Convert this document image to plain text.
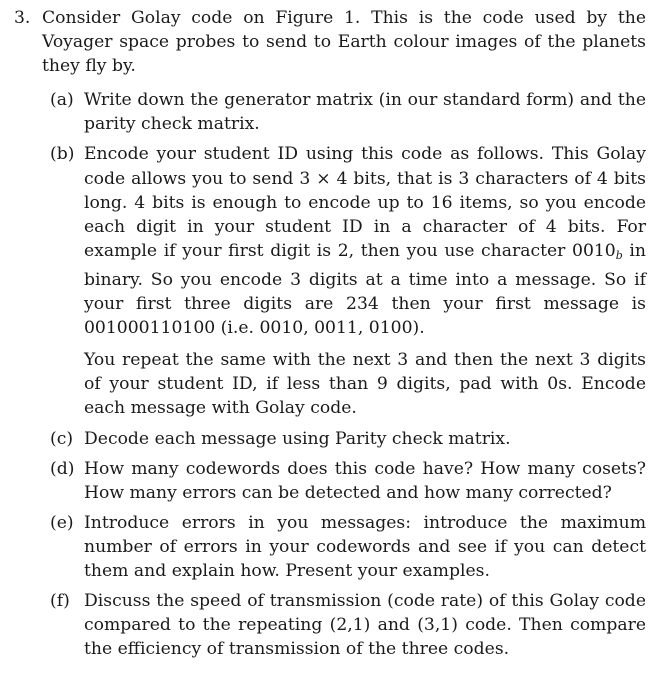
3. Consider Golay code on Figure 1. This is the code used by the Voyager space probes to send to Earth colour images of the planets they fly by.
(a) Write down the generator matrix (in our standard form) and the parity check matrix.

(b) Encode your student ID using this code as follows. This Golay code allows you to send 3 × 4 bits, that is 3 characters of 4 bits long. 4 bits is enough to encode up to 16 items, so you encode each digit in your student ID in a character of 4 bits. For example if your first digit is 2, then you use character $0010_b$ in binary. So you encode 3 digits at a time into a message. So if your first three digits are 234 then your first message is 001000110100 (i.e. 0010, 0011, 0100).

You repeat the same with the next 3 and then the next 3 digits of your student ID, if less than 9 digits, pad with 0s. Encode each message with Golay code.

(c) Decode each message using Parity check matrix.

(d) How many codewords does this code have? How many cosets? How many errors can be detected and how many corrected?

(e) Introduce errors in you messages: introduce the maximum number of errors in your codewords and see if you can detect them and explain how. Present your examples.

(f) Discuss the speed of transmission (code rate) of this Golay code compared to the repeating (2,1) and (3,1) code. Then compare the efficiency of transmission of the three codes.
